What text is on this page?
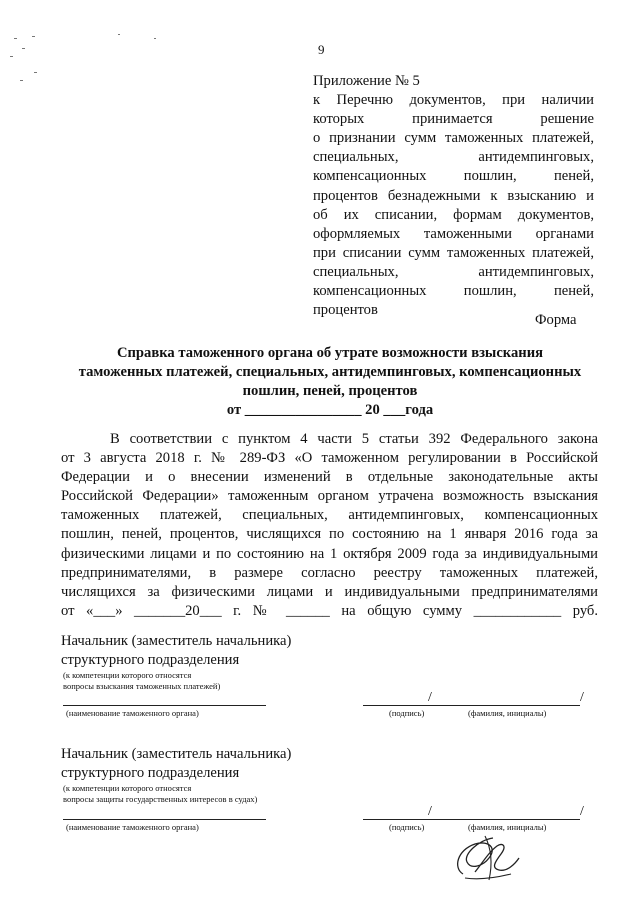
9
Приложение № 5
к Перечню документов, при наличии
которых принимается решение
о признании сумм таможенных платежей,
специальных, антидемпинговых,
компенсационных пошлин, пеней,
процентов безнадежными к взысканию и
об их списании, формам документов,
оформляемых таможенными органами
при списании сумм таможенных платежей,
специальных, антидемпинговых,
компенсационных пошлин, пеней,
процентов
Форма
Справка таможенного органа об утрате возможности взыскания
таможенных платежей, специальных, антидемпинговых, компенсационных
пошлин, пеней, процентов
от ________________ 20 ___года
В соответствии с пунктом 4 части 5 статьи 392 Федерального закона
от 3 августа 2018 г. № 289-ФЗ «О таможенном регулировании в Российской
Федерации и о внесении изменений в отдельные законодательные акты
Российской Федерации» таможенным органом утрачена возможность взыскания
таможенных платежей, специальных, антидемпинговых, компенсационных
пошлин, пеней, процентов, числящихся по состоянию на 1 января 2016 года за
физическими лицами и по состоянию на 1 октября 2009 года за индивидуальными
предпринимателями, в размере согласно реестру таможенных платежей,
числящихся за физическими лицами и индивидуальными предпринимателями
от «___» _______20___ г. № ______ на общую сумму ____________ руб.
Начальник (заместитель начальника)
структурного подразделения
(к компетенции которого относятся
вопросы взыскания таможенных платежей)
(наименование таможенного органа)
/	/
(подпись)	(фамилия, инициалы)
Начальник (заместитель начальника)
структурного подразделения
(к компетенции которого относятся
вопросы защиты государственных интересов в судах)
(наименование таможенного органа)
/	/
(подпись)	(фамилия, инициалы)
